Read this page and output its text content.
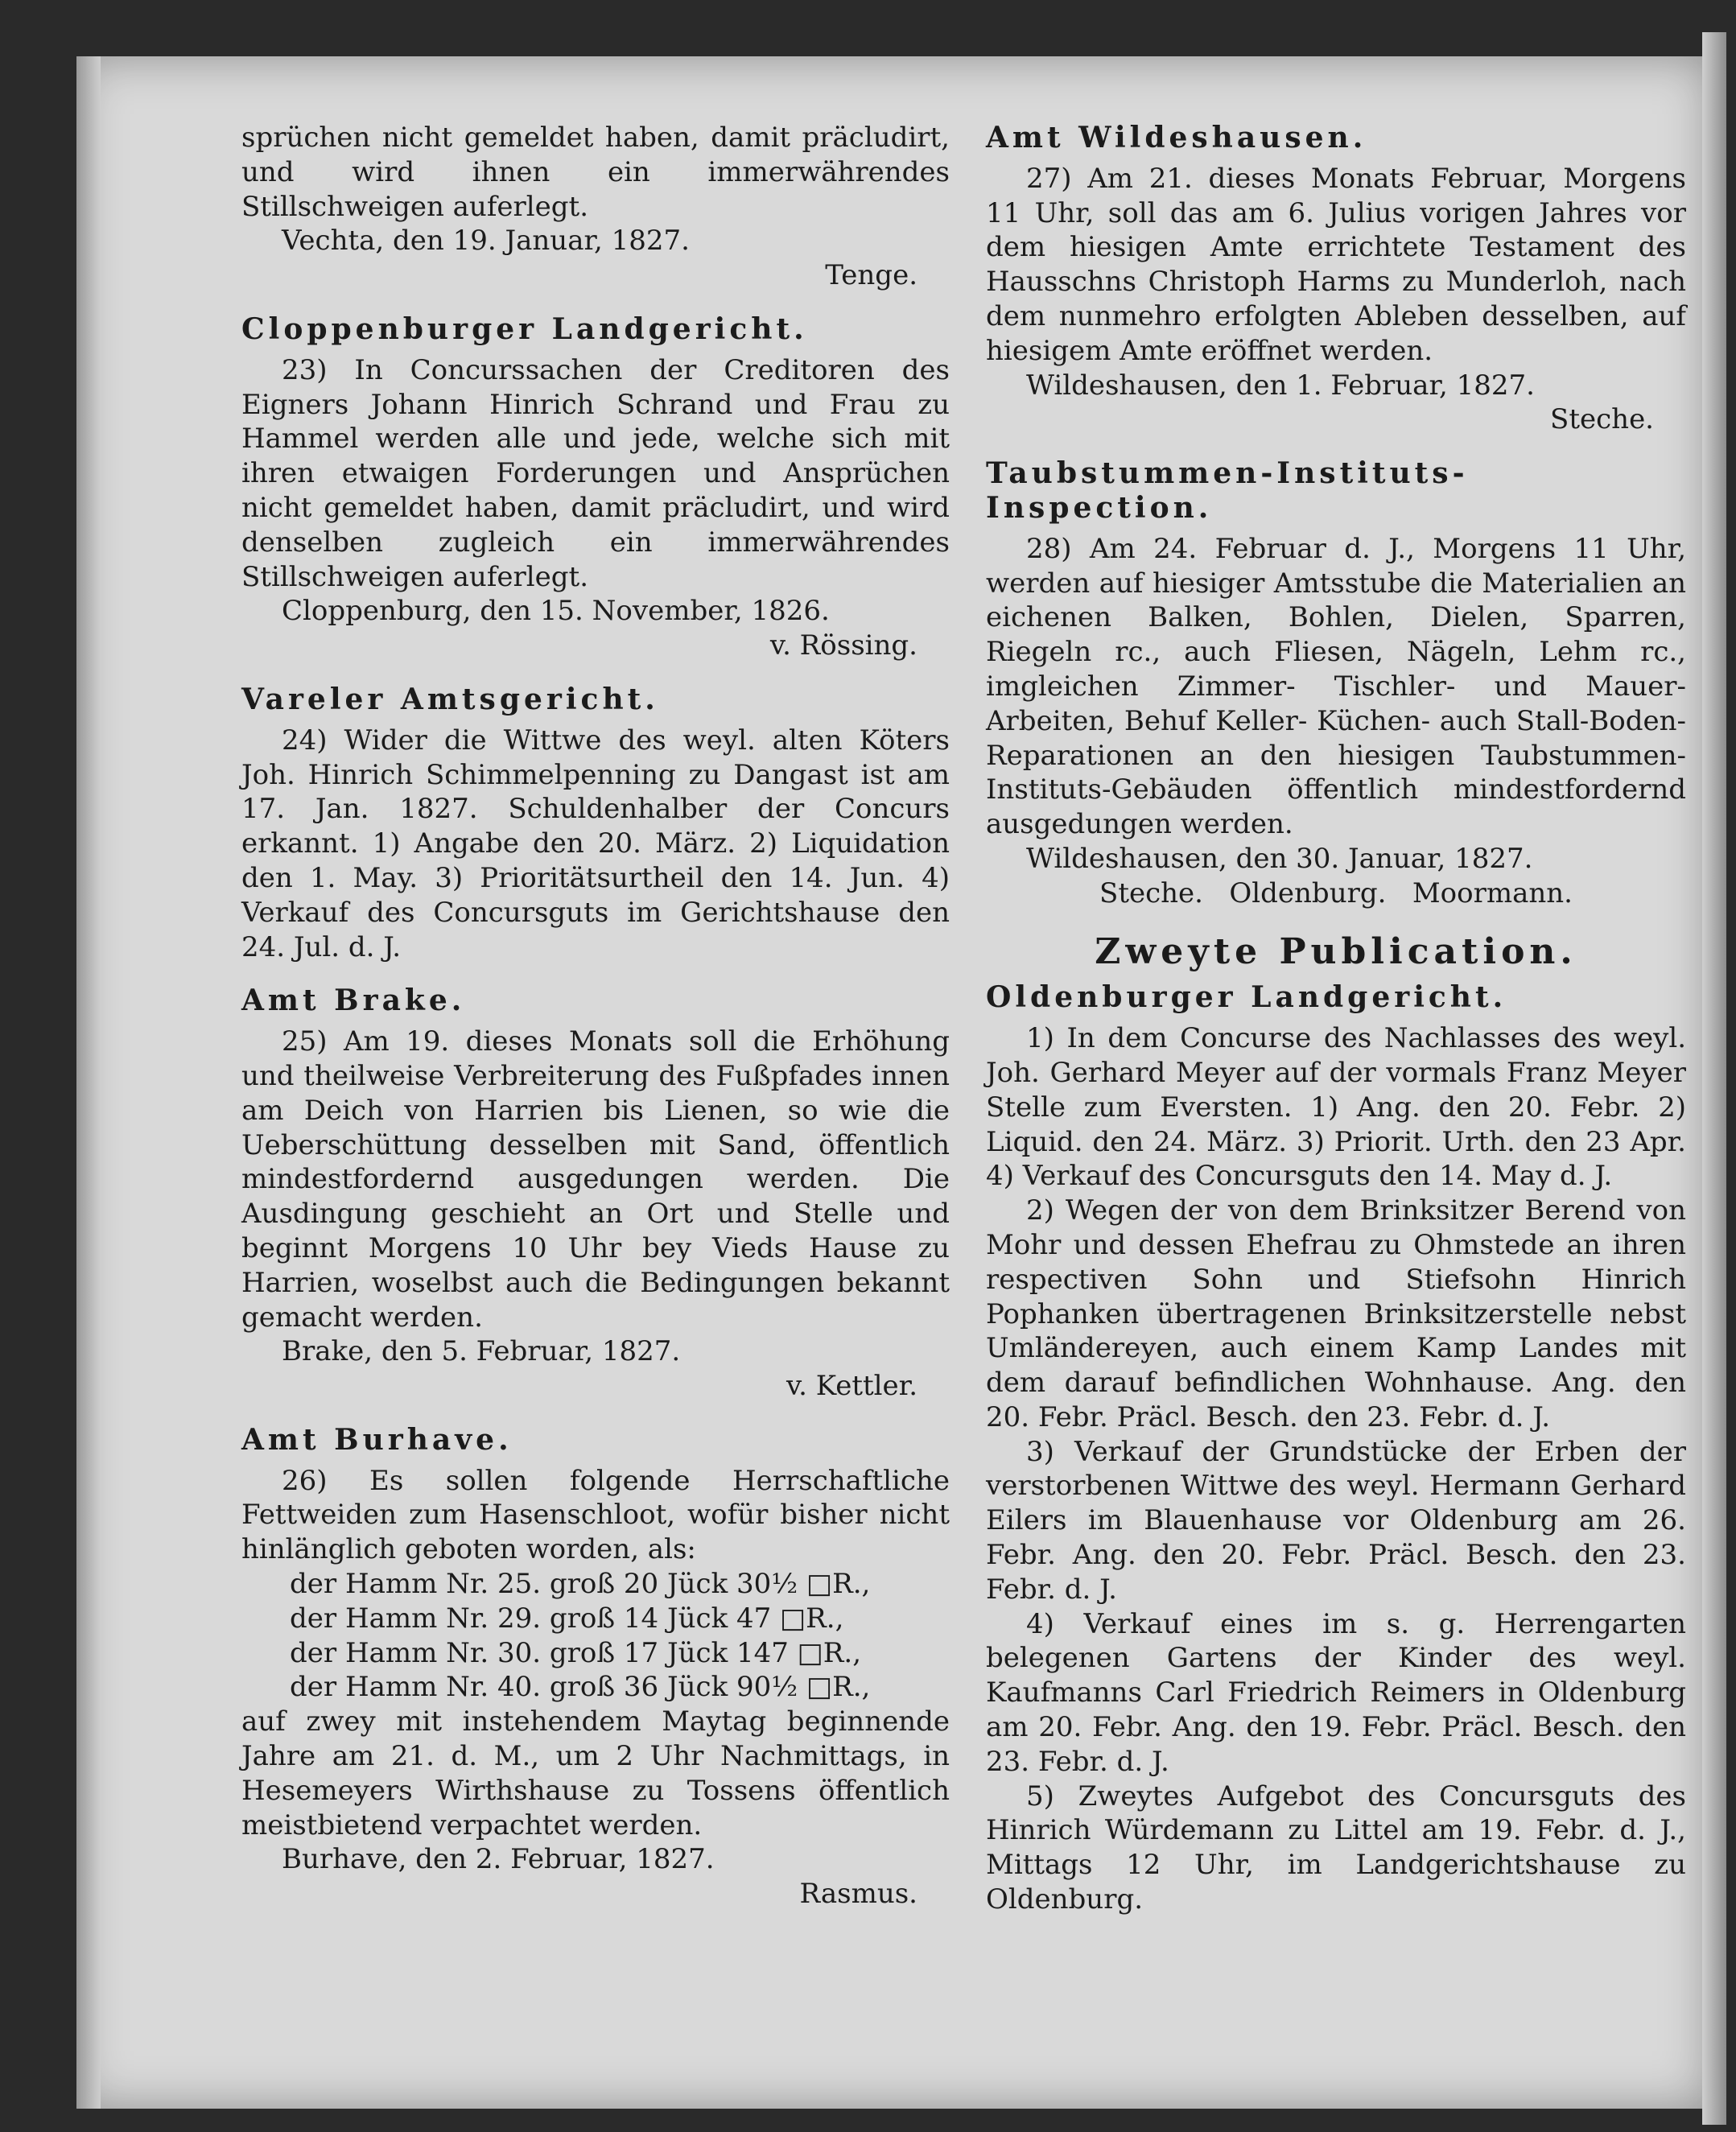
sprüchen nicht gemeldet haben, damit präcludirt, und wird ihnen ein immerwährendes Stillschweigen auferlegt.

Vechta, den 19. Januar, 1827.
Tenge.
Cloppenburger Landgericht.

23) In Concurssachen der Creditoren des Eigners Johann Hinrich Schrand und Frau zu Hammel werden alle und jede, welche sich mit ihren etwaigen Forderungen und Ansprüchen nicht gemeldet haben, damit präcludirt, und wird denselben zugleich ein immerwährendes Stillschweigen auferlegt.

Cloppenburg, den 15. November, 1826.
v. Rössing.
Vareler Amtsgericht.

24) Wider die Wittwe des weyl. alten Köters Joh. Hinrich Schimmelpenning zu Dangast ist am 17. Jan. 1827. Schuldenhalber der Concurs erkannt. 1) Angabe den 20. März. 2) Liquidation den 1. May. 3) Prioritätsurtheil den 14. Jun. 4) Verkauf des Concursguts im Gerichtshause den 24. Jul. d. J.

Amt Brake.

25) Am 19. dieses Monats soll die Erhöhung und theilweise Verbreiterung des Fußpfades innen am Deich von Harrien bis Lienen, so wie die Ueberschüttung desselben mit Sand, öffentlich mindestfordernd ausgedungen werden. Die Ausdingung geschieht an Ort und Stelle und beginnt Morgens 10 Uhr bey Vieds Hause zu Harrien, woselbst auch die Bedingungen bekannt gemacht werden.

Brake, den 5. Februar, 1827.
v. Kettler.
Amt Burhave.

26) Es sollen folgende Herrschaftliche Fettweiden zum Hasenschloot, wofür bisher nicht hinlänglich geboten worden, als:

der Hamm Nr. 25. groß 20 Jück 30½ □R.,
der Hamm Nr. 29. groß 14 Jück 47 □R.,
der Hamm Nr. 30. groß 17 Jück 147 □R.,
der Hamm Nr. 40. groß 36 Jück 90½ □R.,

auf zwey mit instehendem Maytag beginnende Jahre am 21. d. M., um 2 Uhr Nachmittags, in Hesemeyers Wirthshause zu Tossens öffentlich meistbietend verpachtet werden.

Burhave, den 2. Februar, 1827.
Rasmus.
Amt Wildeshausen.

27) Am 21. dieses Monats Februar, Morgens 11 Uhr, soll das am 6. Julius vorigen Jahres vor dem hiesigen Amte errichtete Testament des Hausschns Christoph Harms zu Munderloh, nach dem nunmehro erfolgten Ableben desselben, auf hiesigem Amte eröffnet werden.

Wildeshausen, den 1. Februar, 1827.
Steche.
Taubstummen-Instituts-Inspection.

28) Am 24. Februar d. J., Morgens 11 Uhr, werden auf hiesiger Amtsstube die Materialien an eichenen Balken, Bohlen, Dielen, Sparren, Riegeln rc., auch Fliesen, Nägeln, Lehm rc., imgleichen Zimmer- Tischler- und Mauer-Arbeiten, Behuf Keller- Küchen- auch Stall-Boden-Reparationen an den hiesigen Taubstummen-Instituts-Gebäuden öffentlich mindestfordernd ausgedungen werden.

Wildeshausen, den 30. Januar, 1827.
Steche.   Oldenburg.   Moormann.
Zweyte Publication.
Oldenburger Landgericht.

1) In dem Concurse des Nachlasses des weyl. Joh. Gerhard Meyer auf der vormals Franz Meyer Stelle zum Eversten. 1) Ang. den 20. Febr. 2) Liquid. den 24. März. 3) Priorit. Urth. den 23 Apr. 4) Verkauf des Concursguts den 14. May d. J.

2) Wegen der von dem Brinksitzer Berend von Mohr und dessen Ehefrau zu Ohmstede an ihren respectiven Sohn und Stiefsohn Hinrich Pophanken übertragenen Brinksitzerstelle nebst Umländereyen, auch einem Kamp Landes mit dem darauf befindlichen Wohnhause. Ang. den 20. Febr. Präcl. Besch. den 23. Febr. d. J.

3) Verkauf der Grundstücke der Erben der verstorbenen Wittwe des weyl. Hermann Gerhard Eilers im Blauenhause vor Oldenburg am 26. Febr. Ang. den 20. Febr. Präcl. Besch. den 23. Febr. d. J.

4) Verkauf eines im s. g. Herrengarten belegenen Gartens der Kinder des weyl. Kaufmanns Carl Friedrich Reimers in Oldenburg am 20. Febr. Ang. den 19. Febr. Präcl. Besch. den 23. Febr. d. J.

5) Zweytes Aufgebot des Concursguts des Hinrich Würdemann zu Littel am 19. Febr. d. J., Mittags 12 Uhr, im Landgerichtshause zu Oldenburg.
